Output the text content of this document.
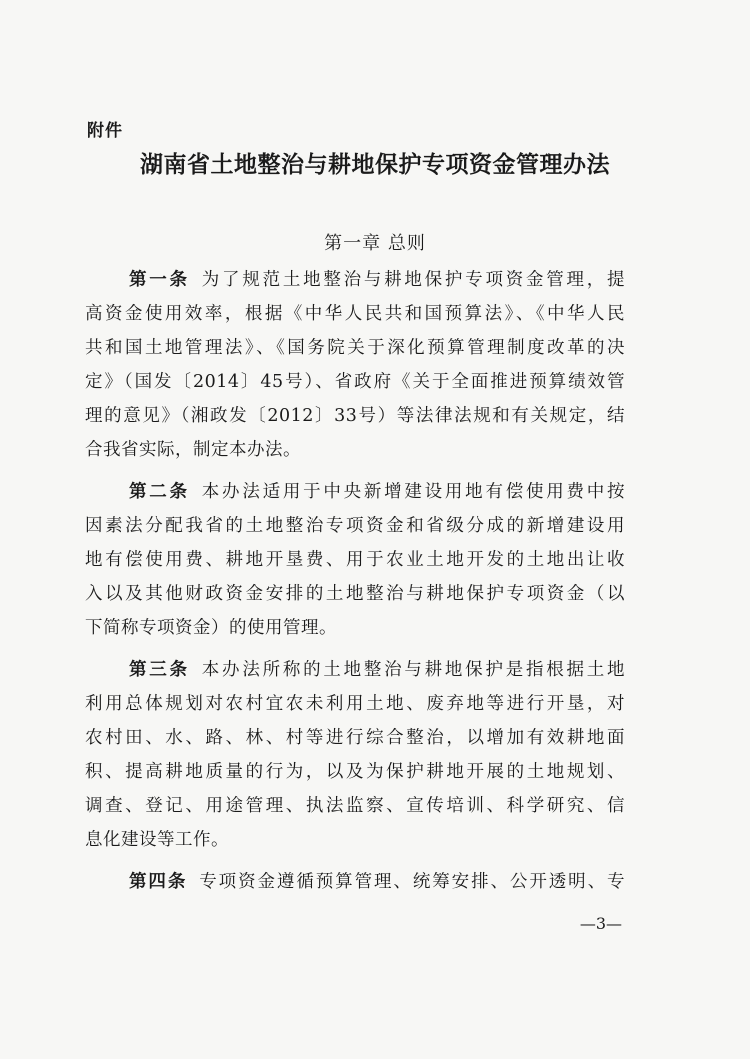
附件
湖南省土地整治与耕地保护专项资金管理办法
第一章 总则
第一条 为了规范土地整治与耕地保护专项资金管理，提
高资金使用效率，根据《中华人民共和国预算法》、《中华人民
共和国土地管理法》、《国务院关于深化预算管理制度改革的决
定》（国发〔2014〕45号）、省政府《关于全面推进预算绩效管
理的意见》（湘政发〔2012〕33号）等法律法规和有关规定，结
合我省实际，制定本办法。
第二条 本办法适用于中央新增建设用地有偿使用费中按
因素法分配我省的土地整治专项资金和省级分成的新增建设用
地有偿使用费、耕地开垦费、用于农业土地开发的土地出让收
入以及其他财政资金安排的土地整治与耕地保护专项资金（以
下简称专项资金）的使用管理。
第三条 本办法所称的土地整治与耕地保护是指根据土地
利用总体规划对农村宜农未利用土地、废弃地等进行开垦，对
农村田、水、路、林、村等进行综合整治，以增加有效耕地面
积、提高耕地质量的行为，以及为保护耕地开展的土地规划、
调查、登记、用途管理、执法监察、宣传培训、科学研究、信
息化建设等工作。
第四条 专项资金遵循预算管理、统筹安排、公开透明、专
—3—
